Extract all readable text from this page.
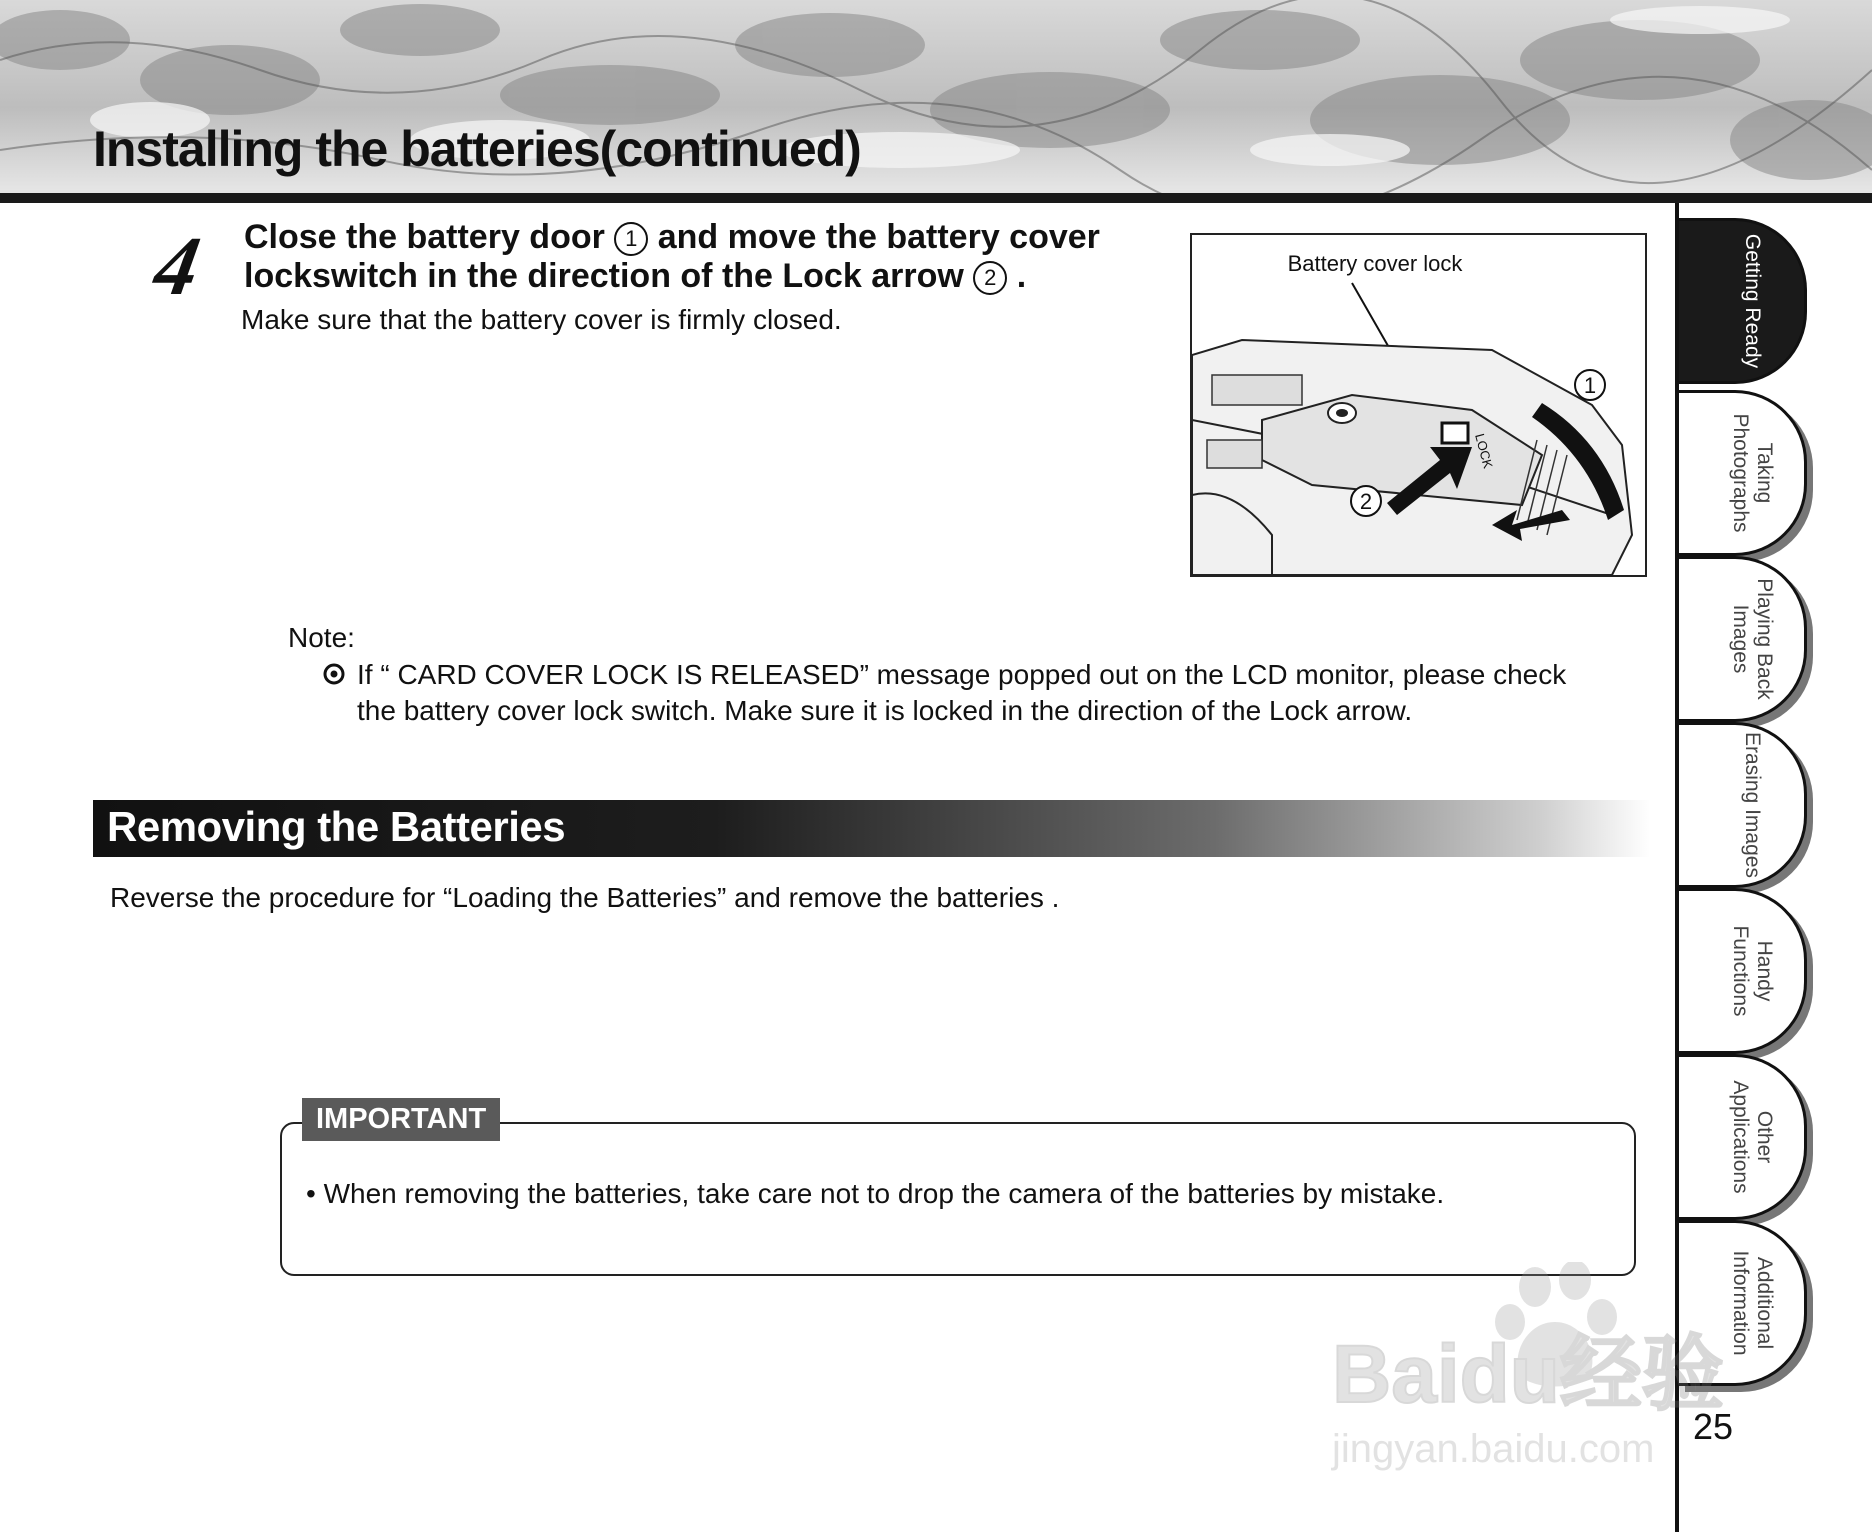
Installing the batteries(continued)
4 Close the battery door 1 and move the battery cover lockswitch in the direction of the Lock arrow 2 .
Make sure that the battery cover is firmly closed.
Battery cover lock
LOCK
1
2
Note:
If “ CARD COVER LOCK IS RELEASED” message popped out on the LCD monitor, please check the battery cover lock switch. Make sure it is locked in the direction of the Lock arrow.
Removing the Batteries
Reverse the procedure for “Loading the Batteries” and remove the batteries .
IMPORTANT
• When removing the batteries, take care not to drop the camera of the batteries by mistake.
Getting Ready
Taking Photographs
Playing Back Images
Erasing Images
Handy Functions
Other Applications
Additional Information
Baidu经验
jingyan.baidu.com
25
